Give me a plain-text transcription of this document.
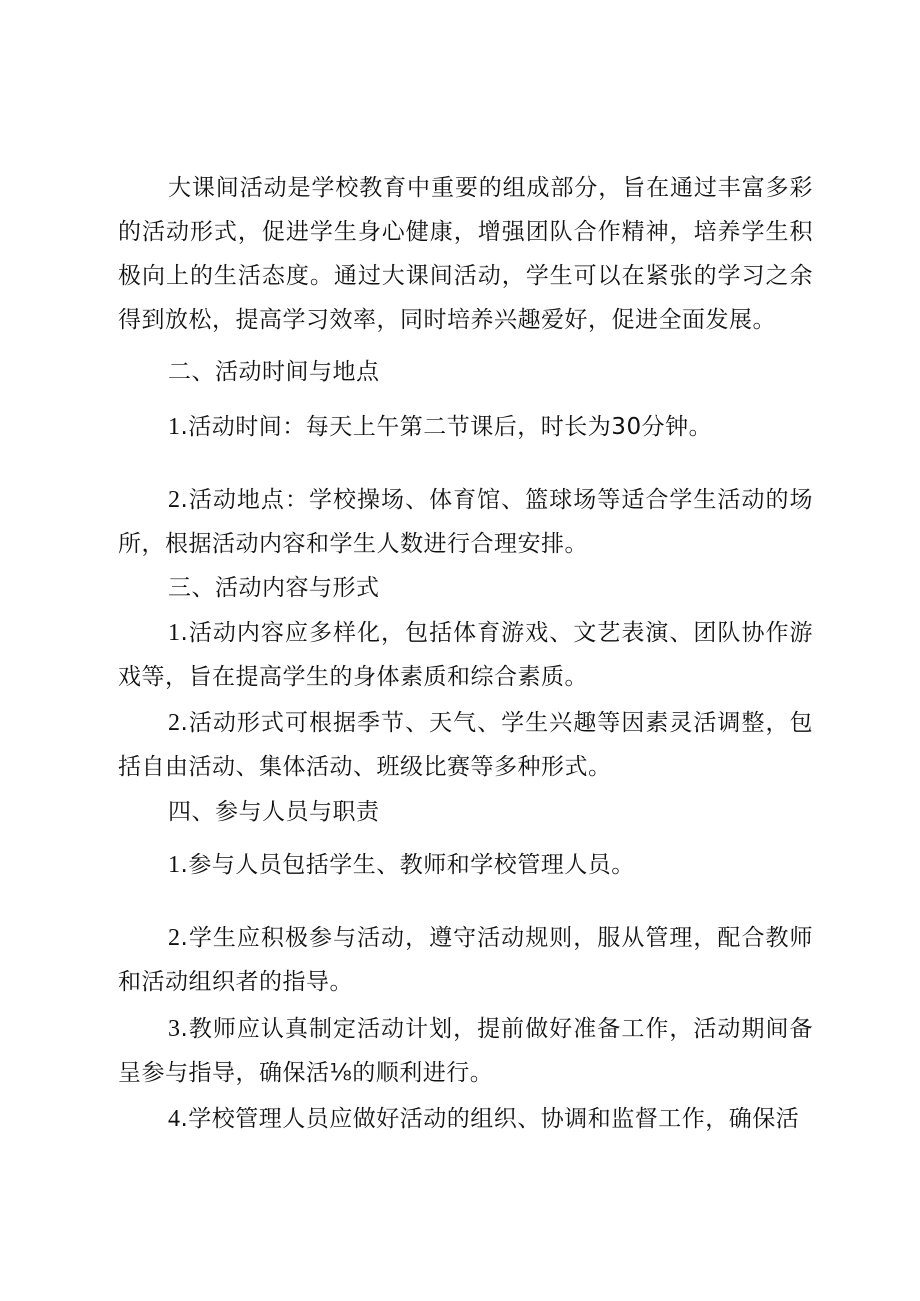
大课间活动是学校教育中重要的组成部分，旨在通过丰富多彩的活动形式，促进学生身心健康，增强团队合作精神，培养学生积极向上的生活态度。通过大课间活动，学生可以在紧张的学习之余得到放松，提高学习效率，同时培养兴趣爱好，促进全面发展。

二、活动时间与地点

1.活动时间：每天上午第二节课后，时长为30分钟。

2.活动地点：学校操场、体育馆、篮球场等适合学生活动的场所，根据活动内容和学生人数进行合理安排。

三、活动内容与形式

1.活动内容应多样化，包括体育游戏、文艺表演、团队协作游戏等，旨在提高学生的身体素质和综合素质。

2.活动形式可根据季节、天气、学生兴趣等因素灵活调整，包括自由活动、集体活动、班级比赛等多种形式。

四、参与人员与职责

1.参与人员包括学生、教师和学校管理人员。

2.学生应积极参与活动，遵守活动规则，服从管理，配合教师和活动组织者的指导。

3.教师应认真制定活动计划，提前做好准备工作，活动期间备呈参与指导，确保活⅛的顺利进行。

4.学校管理人员应做好活动的组织、协调和监督工作，确保活
